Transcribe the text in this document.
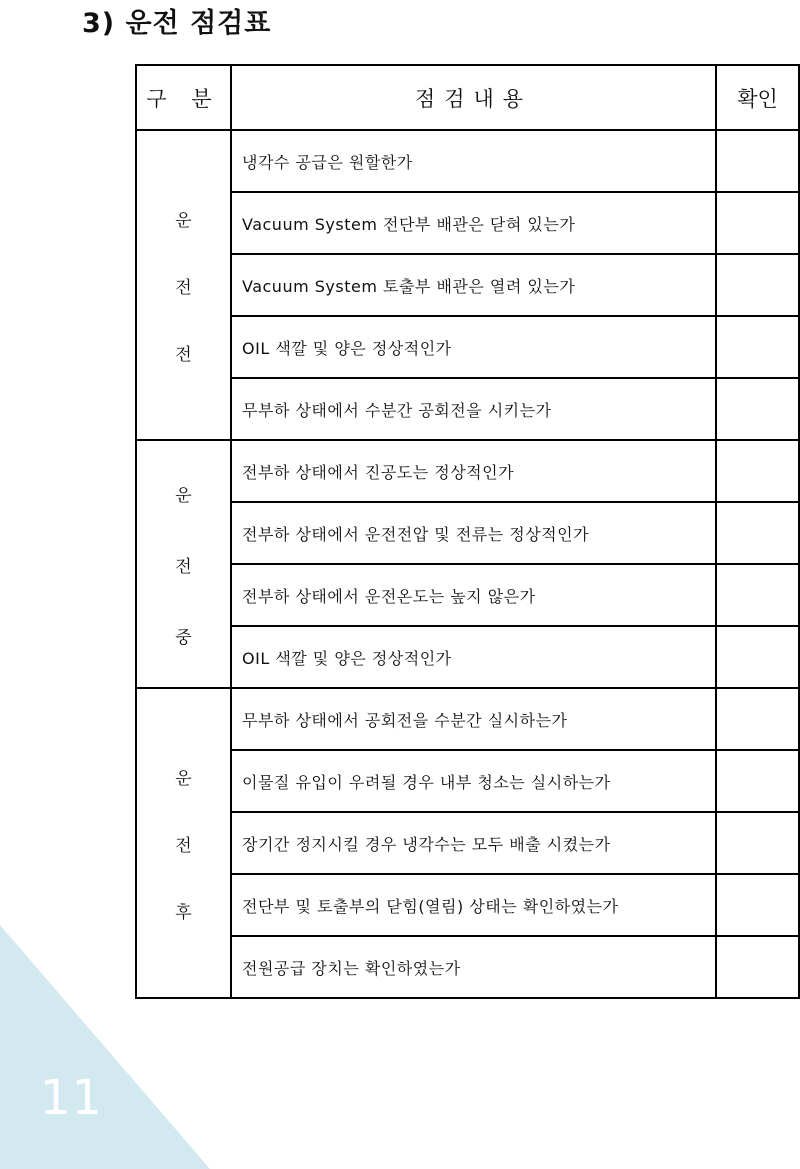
3) 운전 점검표
구 분	점검내용	확인

운
전
전	냉각수 공급은 원할한가	
	Vacuum System 전단부 배관은 닫혀 있는가	
	Vacuum System 토출부 배관은 열려 있는가	
	OIL 색깔 및 양은 정상적인가	
	무부하 상태에서 수분간 공회전을 시키는가	

운
전
중	전부하 상태에서 진공도는 정상적인가	
	전부하 상태에서 운전전압 및 전류는 정상적인가	
	전부하 상태에서 운전온도는 높지 않은가	
	OIL 색깔 및 양은 정상적인가	

운
전
후	무부하 상태에서 공회전을 수분간 실시하는가	
	이물질 유입이 우려될 경우 내부 청소는 실시하는가	
	장기간 정지시킬 경우 냉각수는 모두 배출 시켰는가	
	전단부 및 토출부의 닫힘(열림) 상태는 확인하였는가	
	전원공급 장치는 확인하였는가	
11
